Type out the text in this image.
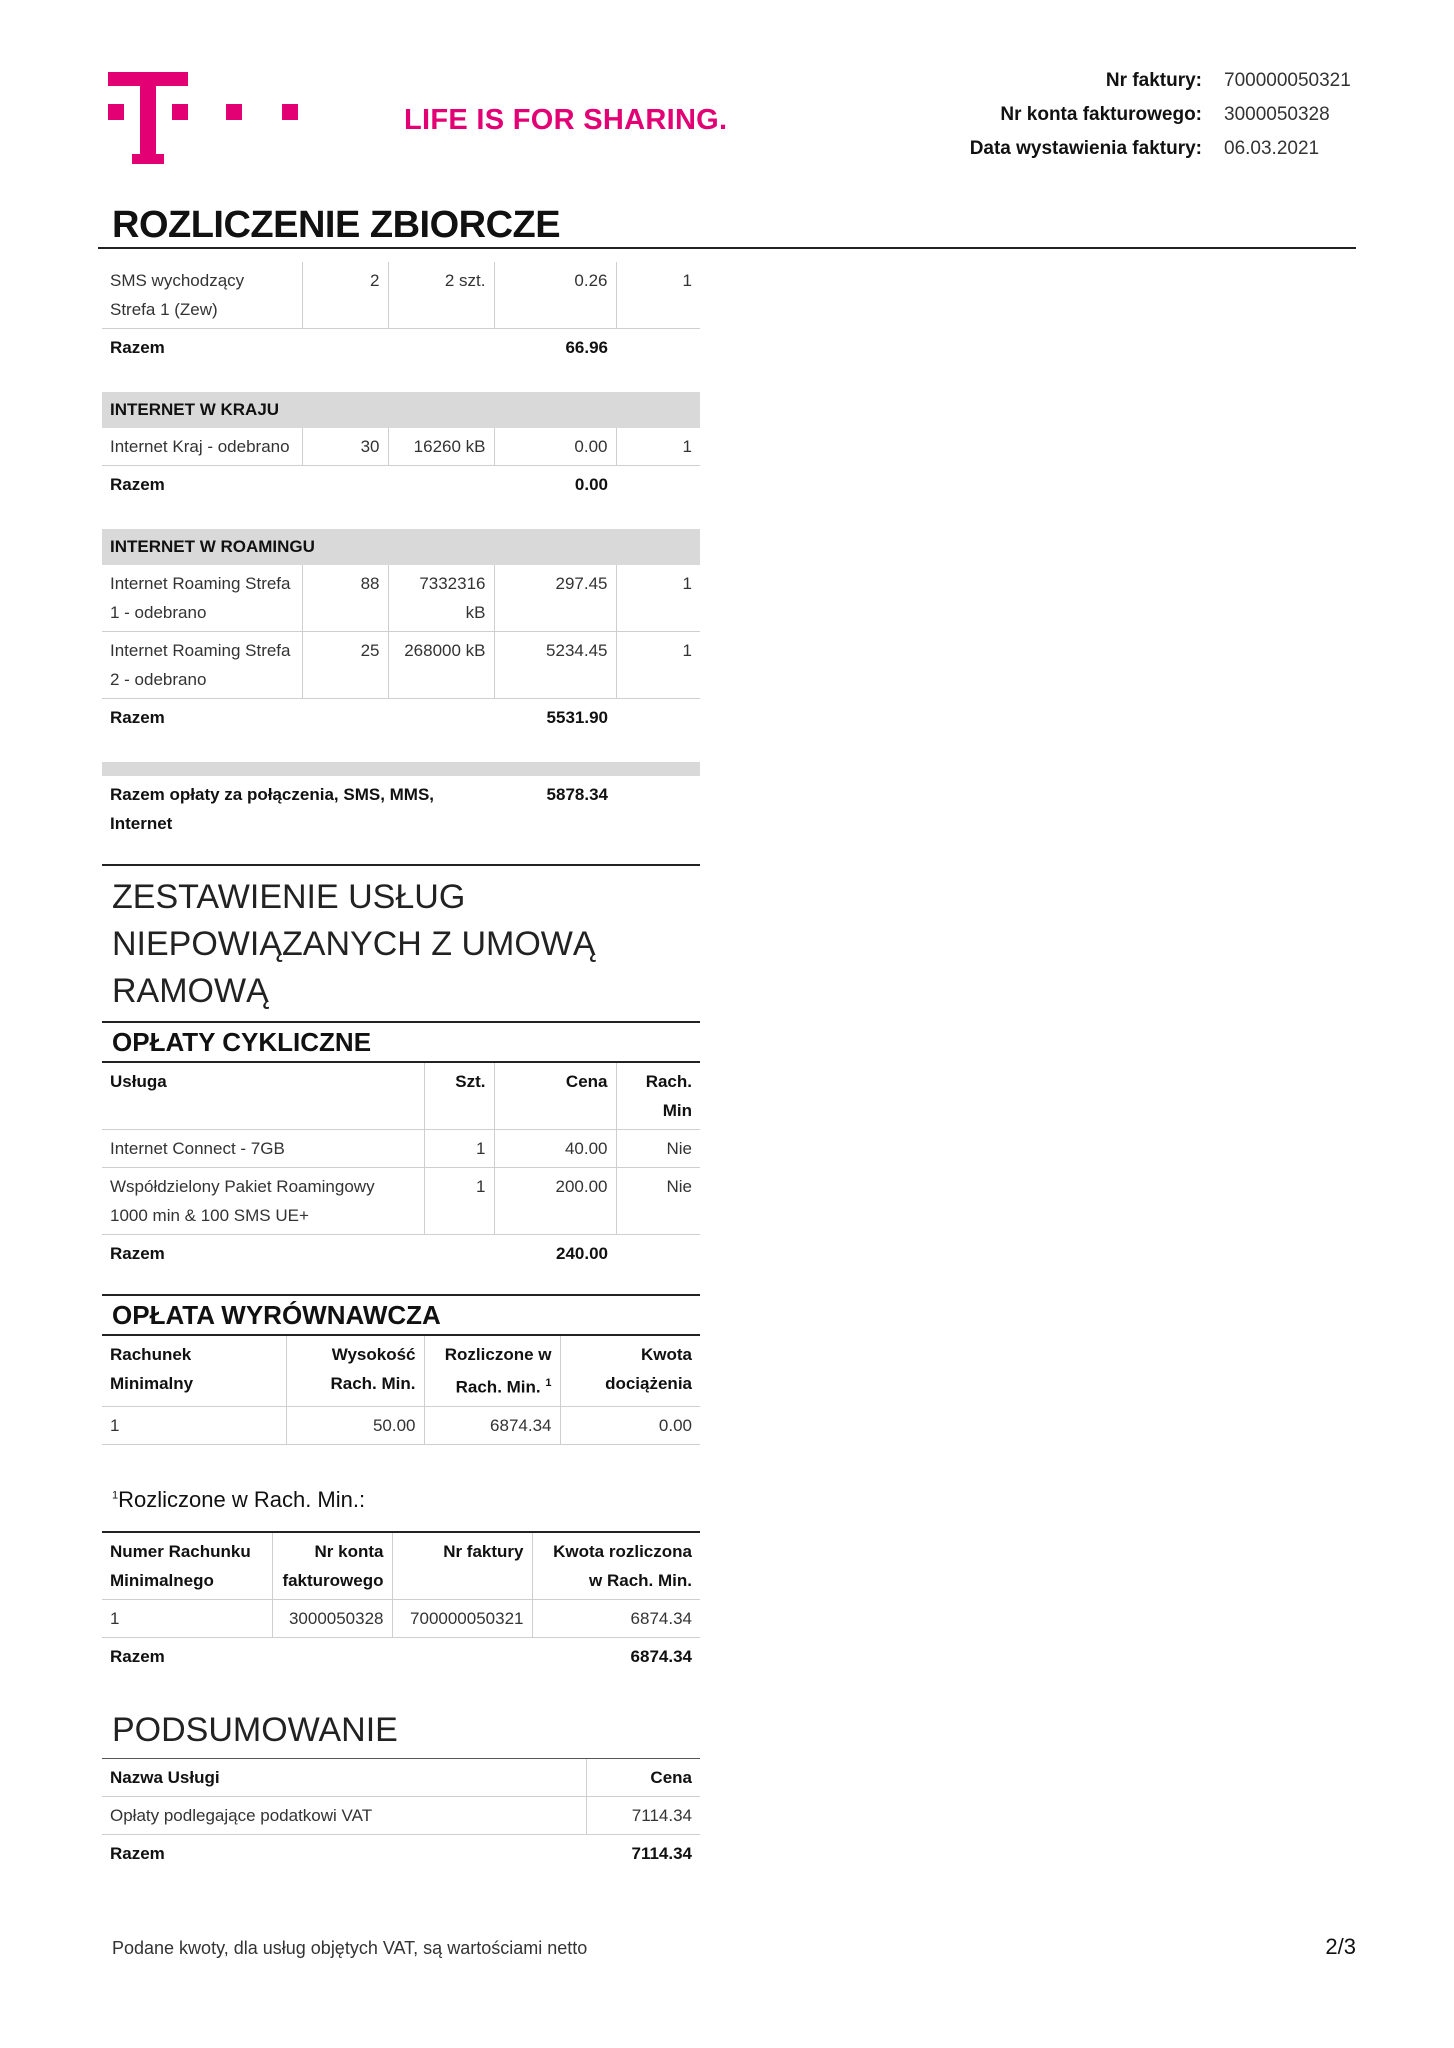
LIFE IS FOR SHARING.
Nr faktury: 700000050321
Nr konta fakturowego: 3000050328
Data wystawienia faktury: 06.03.2021
ROZLICZENIE ZBIORCZE
SMS wychodzący Strefa 1 (Zew)	2	2 szt.	0.26	1
Razem			66.96	
INTERNET W KRAJU
Internet Kraj - odebrano	30	16260 kB	0.00	1
Razem			0.00	
INTERNET W ROAMINGU
Internet Roaming Strefa 1 - odebrano	88	7332316 kB	297.45	1
Internet Roaming Strefa 2 - odebrano	25	268000 kB	5234.45	1
Razem			5531.90	
Razem opłaty za połączenia, SMS, MMS, Internet	5878.34	
ZESTAWIENIE USŁUG NIEPOWIĄZANYCH Z UMOWĄ RAMOWĄ
OPŁATY CYKLICZNE
Usługa	Szt.	Cena	Rach. Min
Internet Connect - 7GB	1	40.00	Nie
Współdzielony Pakiet Roamingowy 1000 min & 100 SMS UE+	1	200.00	Nie
Razem		240.00	
OPŁATA WYRÓWNAWCZA
Rachunek Minimalny	Wysokość Rach. Min.	Rozliczone w Rach. Min. $^1$	Kwota dociążenia
1	50.00	6874.34	0.00
$^1$Rozliczone w Rach. Min.:
Numer Rachunku Minimalnego	Nr konta fakturowego	Nr faktury	Kwota rozliczona w Rach. Min.
1	3000050328	700000050321	6874.34
Razem			6874.34
PODSUMOWANIE
Nazwa Usługi	Cena
Opłaty podlegające podatkowi VAT	7114.34
Razem	7114.34
Podane kwoty, dla usług objętych VAT, są wartościami netto	2/3
